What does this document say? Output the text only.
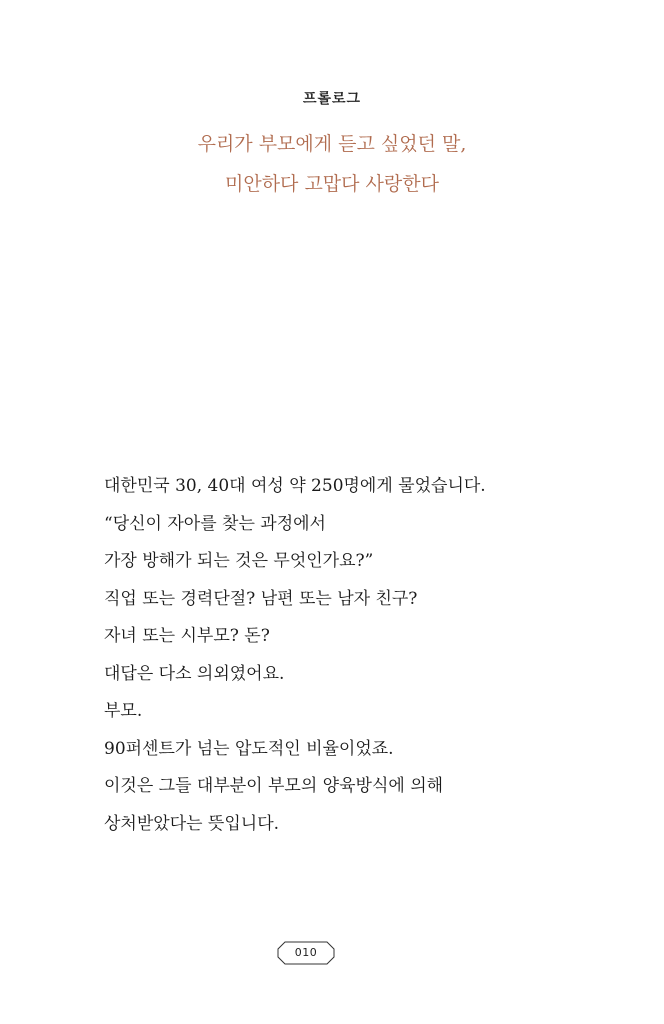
프롤로그
우리가 부모에게 듣고 싶었던 말,
미안하다 고맙다 사랑한다
대한민국 30, 40대 여성 약 250명에게 물었습니다.
“당신이 자아를 찾는 과정에서
가장 방해가 되는 것은 무엇인가요?”
직업 또는 경력단절? 남편 또는 남자 친구?
자녀 또는 시부모? 돈?
대답은 다소 의외였어요.
부모.
90퍼센트가 넘는 압도적인 비율이었죠.
이것은 그들 대부분이 부모의 양육방식에 의해
상처받았다는 뜻입니다.
010
